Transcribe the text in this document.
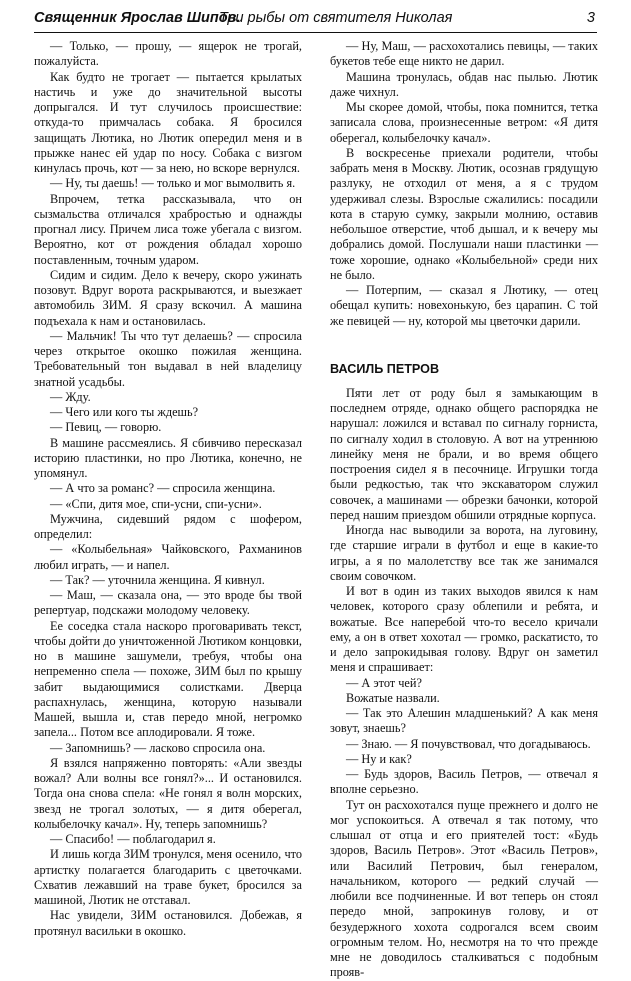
Священник Ярослав Шипов.
Три рыбы от святителя Николая	3

— Только, — прошу, — ящерок не трогай, пожалуйста.

Как будто не трогает — пытается крылатых настичь и уже до значительной высоты допрыгался. И тут случилось происшествие: откуда-то примчалась собака. Я бросился защищать Лютика, но Лютик опередил меня и в прыжке нанес ей удар по носу. Собака с визгом кинулась прочь, кот — за нею, но вскоре вернулся.

— Ну, ты даешь! — только и мог вымолвить я.

Впрочем, тетка рассказывала, что он сызмальства отличался храбростью и однажды прогнал лису. Причем лиса тоже убегала с визгом. Вероятно, кот от рождения обладал хорошо поставленным, точным ударом.

Сидим и сидим. Дело к вечеру, скоро ужинать позовут. Вдруг ворота раскрываются, и выезжает автомобиль ЗИМ. Я сразу вскочил. А машина подъехала к нам и остановилась.

— Мальчик! Ты что тут делаешь? — спросила через открытое окошко пожилая женщина. Требовательный тон выдавал в ней владелицу знатной усадьбы.

— Жду.

— Чего или кого ты ждешь?

— Певиц, — говорю.

В машине рассмеялись. Я сбивчиво пересказал историю пластинки, но про Лютика, конечно, не упомянул.

— А что за романс? — спросила женщина.

— «Спи, дитя мое, спи-усни, спи-усни».

Мужчина, сидевший рядом с шофером, определил:

— «Колыбельная» Чайковского, Рахманинов любил играть, — и напел.

— Так? — уточнила женщина. Я кивнул.

— Маш, — сказала она, — это вроде бы твой репертуар, подскажи молодому человеку.

Ее соседка стала наскоро проговаривать текст, чтобы дойти до уничтоженной Лютиком концовки, но в машине зашумели, требуя, чтобы она непременно спела — похоже, ЗИМ был по крышу забит выдающимися солистками. Дверца распахнулась, женщина, которую называли Машей, вышла и, став передо мной, негромко запела... Потом все аплодировали. Я тоже.

— Запомнишь? — ласково спросила она.

Я взялся напряженно повторять: «Али звезды вожал? Али волны все гонял?»... И остановился. Тогда она снова спела: «Не гонял я волн морских, звезд не трогал золотых, — я дитя оберегал, колыбелочку качал». Ну, теперь запомнишь?

— Спасибо! — поблагодарил я.

И лишь когда ЗИМ тронулся, меня осенило, что артистку полагается благодарить с цветочками. Схватив лежавший на траве букет, бросился за машиной, Лютик не отставал.

Нас увидели, ЗИМ остановился. Добежав, я протянул васильки в окошко.

— Ну, Маш, — расхохотались певицы, — таких букетов тебе еще никто не дарил.

Машина тронулась, обдав нас пылью. Лютик даже чихнул.

Мы скорее домой, чтобы, пока помнится, тетка записала слова, произнесенные ветром: «Я дитя оберегал, колыбелочку качал».

В воскресенье приехали родители, чтобы забрать меня в Москву. Лютик, осознав грядущую разлуку, не отходил от меня, а я с трудом удерживал слезы. Взрослые сжалились: посадили кота в старую сумку, закрыли молнию, оставив небольшое отверстие, чтоб дышал, и к вечеру мы добрались домой. Послушали наши пластинки — тоже хорошие, однако «Колыбельной» среди них не было.

— Потерпим, — сказал я Лютику, — отец обещал купить: новехонькую, без царапин. С той же певицей — ну, которой мы цветочки дарили.

ВАСИЛЬ ПЕТРОВ

Пяти лет от роду был я замыкающим в последнем отряде, однако общего распорядка не нарушал: ложился и вставал по сигналу горниста, по сигналу ходил в столовую. А вот на утреннюю линейку меня не брали, и во время общего построения сидел я в песочнице. Игрушки тогда были редкостью, так что экскаватором служил совочек, а машинами — обрезки бачонки, которой перед нашим приездом обшили отрядные корпуса.

Иногда нас выводили за ворота, на луговину, где старшие играли в футбол и еще в какие-то игры, а я по малолетству все так же занимался своим совочком.

И вот в один из таких выходов явился к нам человек, которого сразу облепили и ребята, и вожатые. Все наперебой что-то весело кричали ему, а он в ответ хохотал — громко, раскатисто, то и дело запрокидывая голову. Вдруг он заметил меня и спрашивает:

— А этот чей?

Вожатые назвали.

— Так это Алешин младшенький? А как меня зовут, знаешь?

— Знаю. — Я почувствовал, что догадываюсь.

— Ну и как?

— Будь здоров, Василь Петров, — отвечал я вполне серьезно.

Тут он расхохотался пуще прежнего и долго не мог успокоиться. А отвечал я так потому, что слышал от отца и его приятелей тост: «Будь здоров, Василь Петров». Этот «Василь Петров», или Василий Петрович, был генералом, начальником, которого — редкий случай — любили все подчиненные. И вот теперь он стоял передо мной, запрокинув голову, и от безудержного хохота содрогался всем своим огромным телом. Но, несмотря на то что прежде мне не доводилось сталкиваться с подобным прояв-
